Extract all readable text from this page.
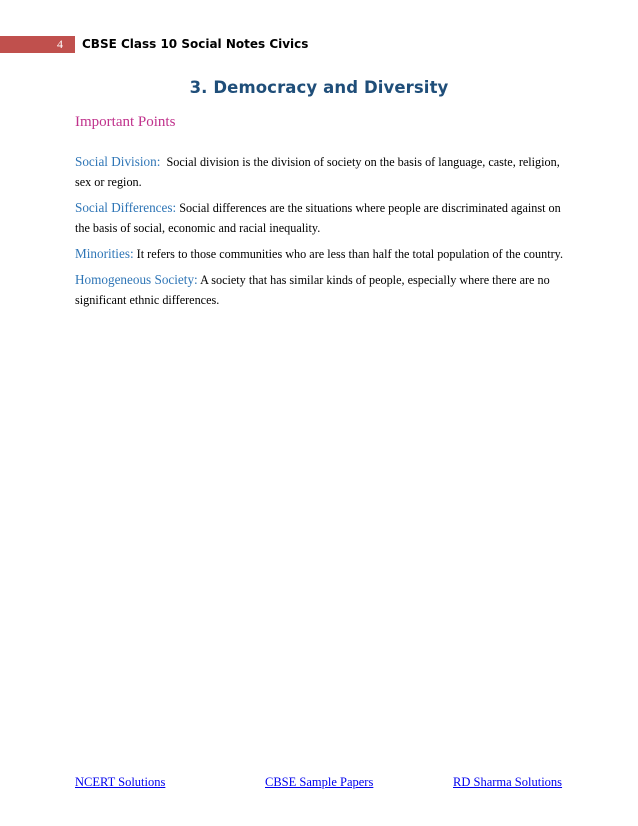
4	CBSE Class 10 Social Notes Civics
3. Democracy and Diversity
Important Points

Social Division: Social division is the division of society on the basis of language, caste, religion, sex or region.

Social Differences: Social differences are the situations where people are discriminated against on the basis of social, economic and racial inequality.

Minorities: It refers to those communities who are less than half the total population of the country.

Homogeneous Society: A society that has similar kinds of people, especially where there are no significant ethnic differences.

NCERT Solutions	CBSE Sample Papers	RD Sharma Solutions
